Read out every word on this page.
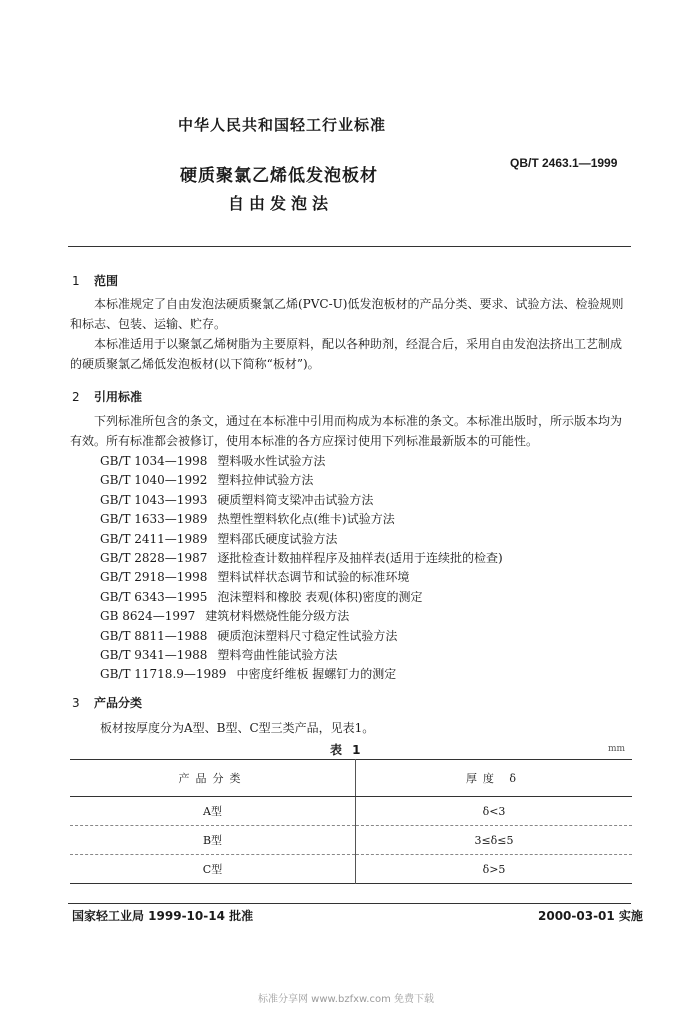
中华人民共和国轻工行业标准
QB/T 2463.1—1999
硬质聚氯乙烯低发泡板材
自由发泡法
1 范围

本标准规定了自由发泡法硬质聚氯乙烯(PVC-U)低发泡板材的产品分类、要求、试验方法、检验规则和标志、包装、运输、贮存。

本标准适用于以聚氯乙烯树脂为主要原料，配以各种助剂，经混合后，采用自由发泡法挤出工艺制成的硬质聚氯乙烯低发泡板材(以下简称“板材”)。

2 引用标准

下列标准所包含的条文，通过在本标准中引用而构成为本标准的条文。本标准出版时，所示版本均为有效。所有标准都会被修订，使用本标准的各方应探讨使用下列标准最新版本的可能性。

GB/T 1034—1998 塑料吸水性试验方法
GB/T 1040—1992 塑料拉伸试验方法
GB/T 1043—1993 硬质塑料简支梁冲击试验方法
GB/T 1633—1989 热塑性塑料软化点(维卡)试验方法
GB/T 2411—1989 塑料邵氏硬度试验方法
GB/T 2828—1987 逐批检查计数抽样程序及抽样表(适用于连续批的检查)
GB/T 2918—1998 塑料试样状态调节和试验的标准环境
GB/T 6343—1995 泡沫塑料和橡胶 表观(体积)密度的测定
GB 8624—1997 建筑材料燃烧性能分级方法
GB/T 8811—1988 硬质泡沫塑料尺寸稳定性试验方法
GB/T 9341—1988 塑料弯曲性能试验方法
GB/T 11718.9—1989 中密度纤维板 握螺钉力的测定
3 产品分类
板材按厚度分为A型、B型、C型三类产品，见表1。
表 1	mm
产品分类	厚度 δ
A型	δ<3
B型	3≤δ≤5
C型	δ>5
国家轻工业局 1999-10-14 批准	2000-03-01 实施
标准分享网 www.bzfxw.com 免费下载
